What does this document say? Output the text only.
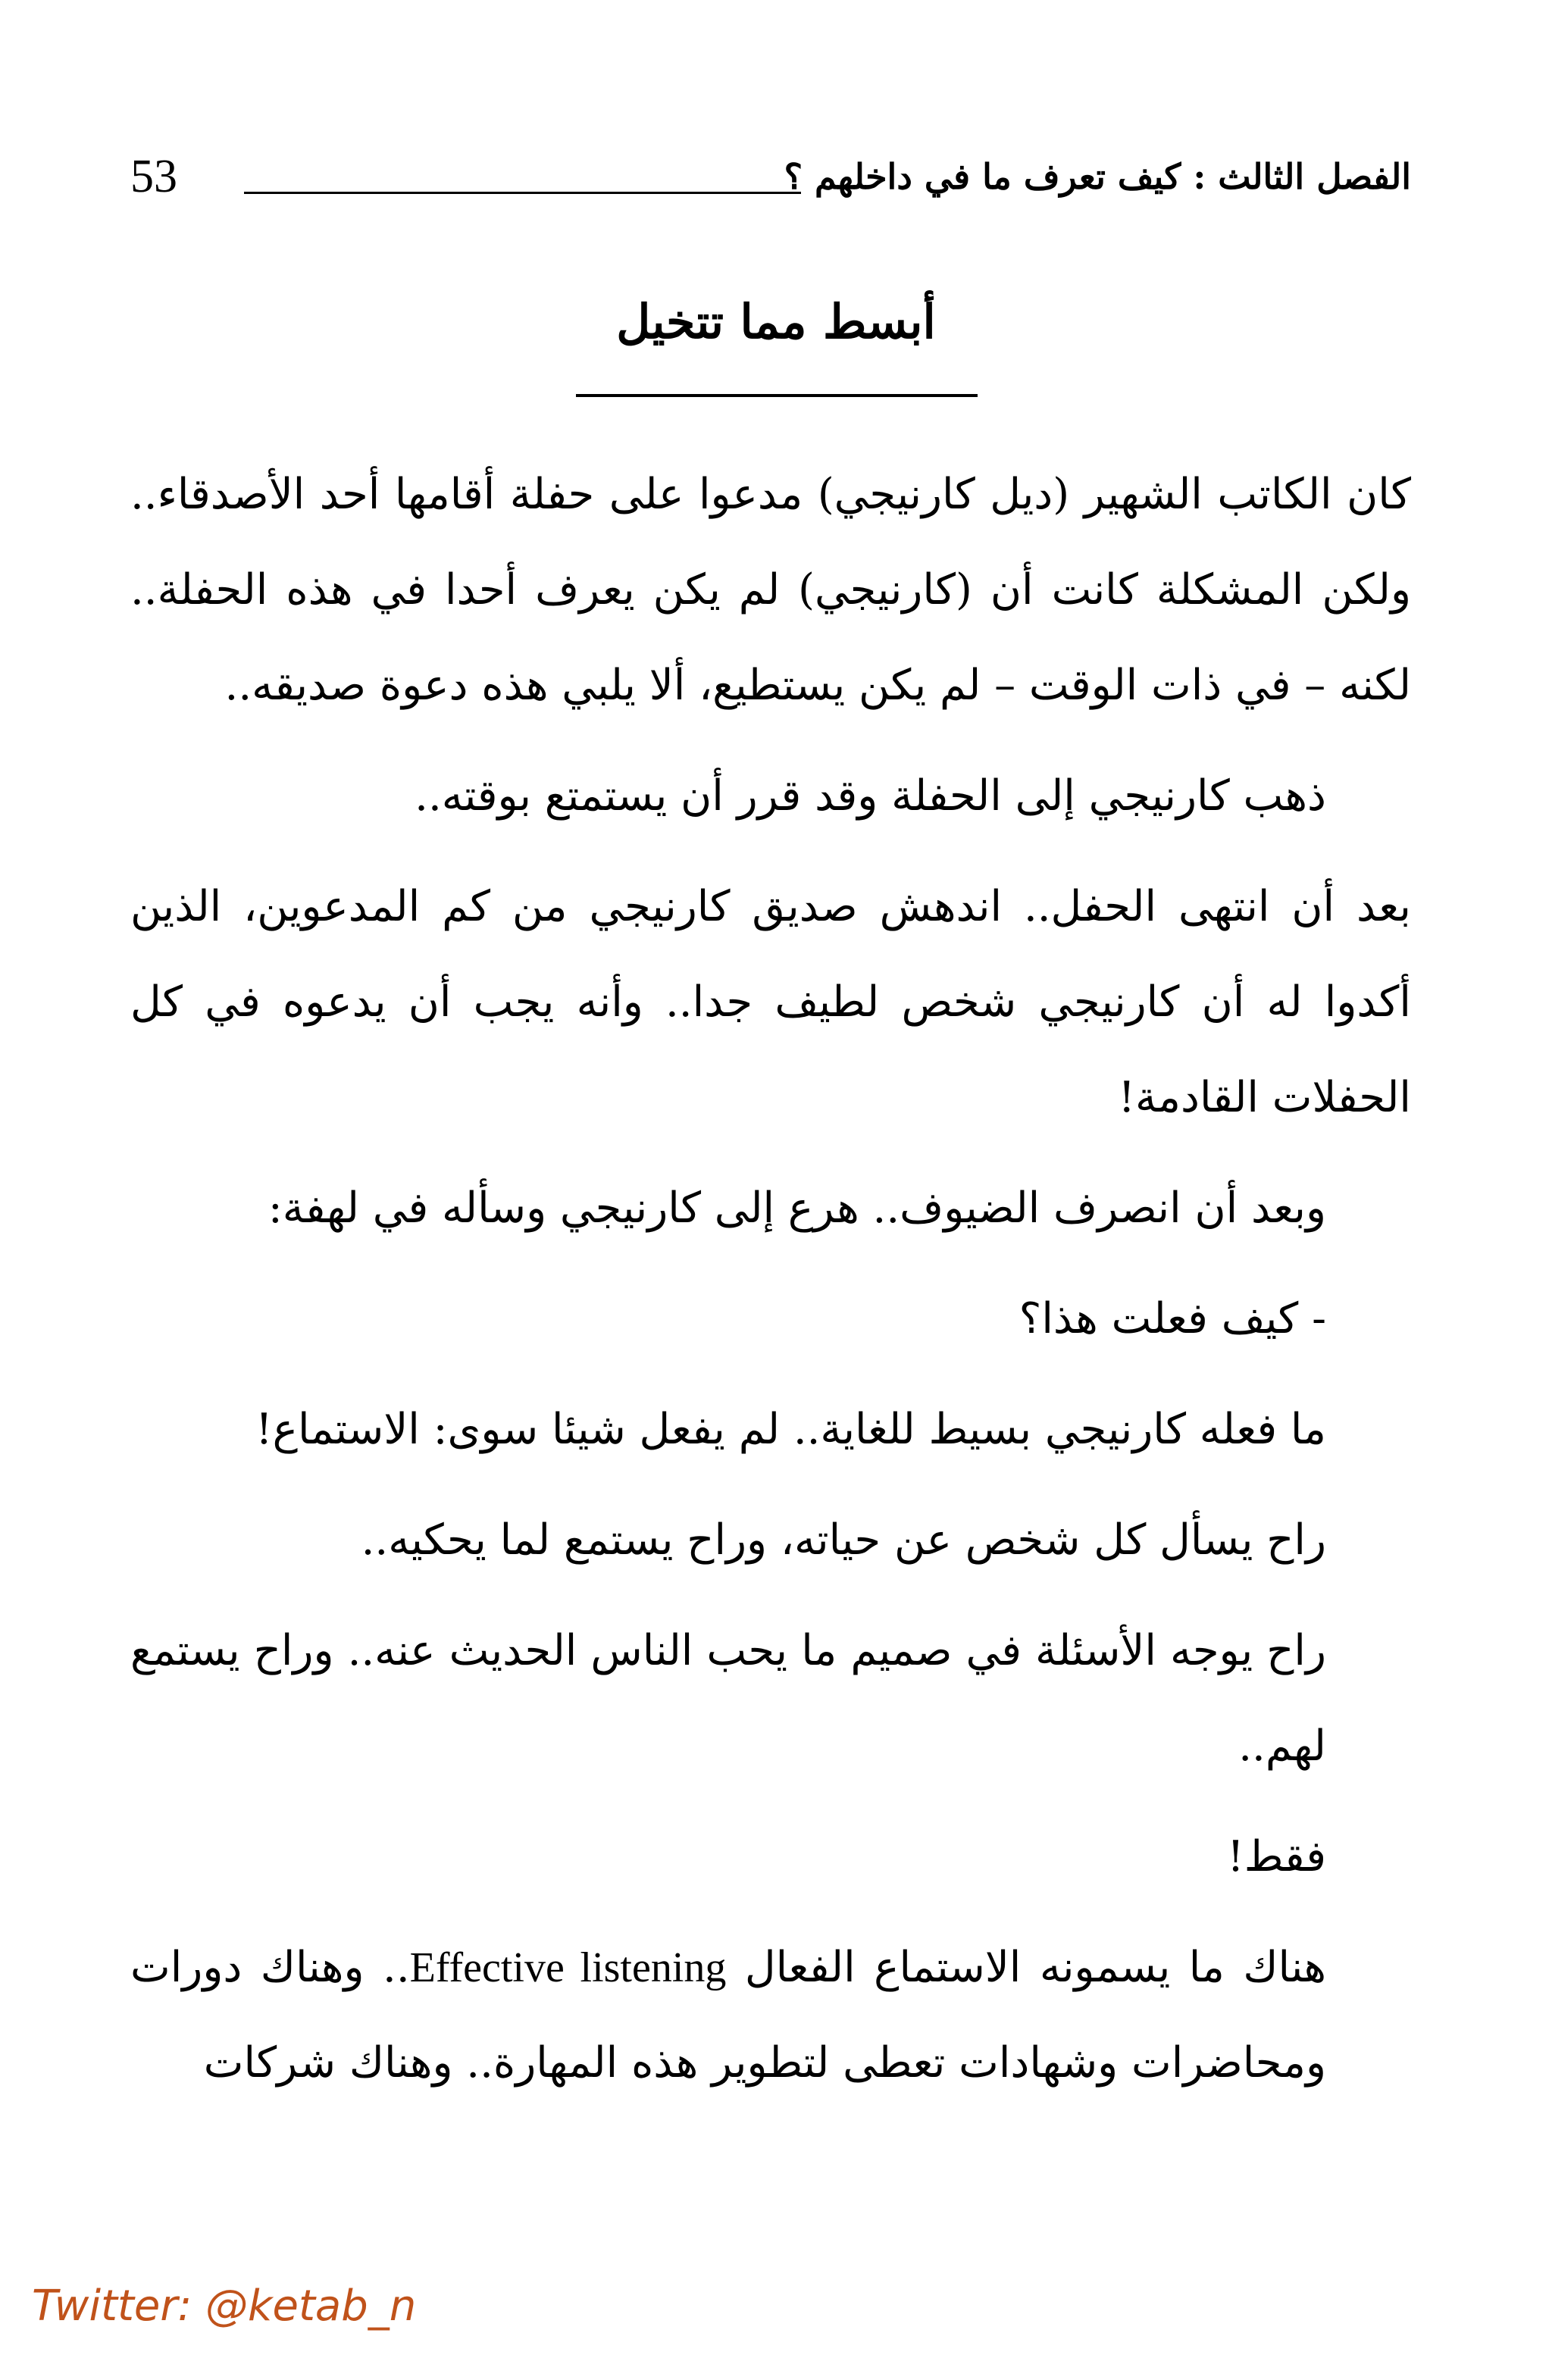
53	الفصل الثالث : كيف تعرف ما في داخلهم ؟
أبسط مما تتخيل

كان الكاتب الشهير (ديل كارنيجي) مدعوا على حفلة أقامها أحد الأصدقاء.. ولكن المشكلة كانت أن (كارنيجي) لم يكن يعرف أحدا في هذه الحفلة.. لكنه – في ذات الوقت – لم يكن يستطيع، ألا يلبي هذه دعوة صديقه..

ذهب كارنيجي إلى الحفلة وقد قرر أن يستمتع بوقته..

بعد أن انتهى الحفل.. اندهش صديق كارنيجي من كم المدعوين، الذين أكدوا له أن كارنيجي شخص لطيف جدا.. وأنه يجب أن يدعوه في كل الحفلات القادمة!

وبعد أن انصرف الضيوف.. هرع إلى كارنيجي وسأله في لهفة:

- كيف فعلت هذا؟

ما فعله كارنيجي بسيط للغاية.. لم يفعل شيئا سوى: الاستماع!

راح يسأل كل شخص عن حياته، وراح يستمع لما يحكيه..

راح يوجه الأسئلة في صميم ما يحب الناس الحديث عنه.. وراح يستمع لهم..

فقط!

هناك ما يسمونه الاستماع الفعال Effective listening.. وهناك دورات ومحاضرات وشهادات تعطى لتطوير هذه المهارة.. وهناك شركات

Twitter: @ketab_n
